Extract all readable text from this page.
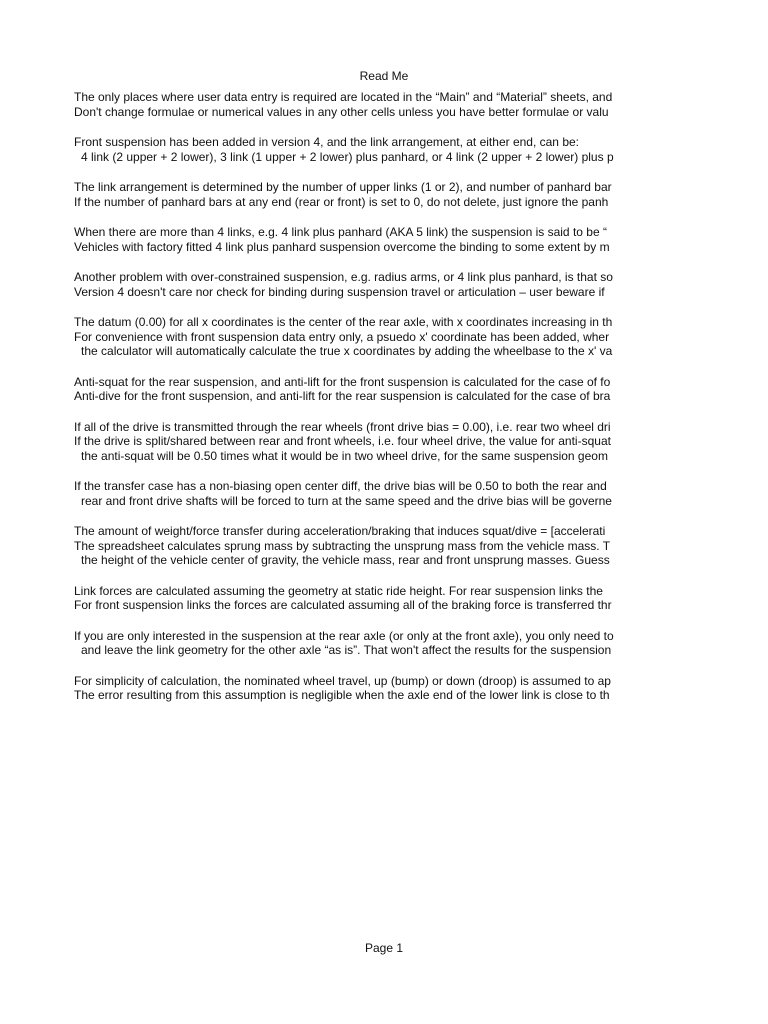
Read Me
The only places where user data entry is required are located in the “Main” and “Material” sheets, and
Don't change formulae or numerical values in any other cells unless you have better formulae or valu
Front suspension has been added in version 4, and the link arrangement, at either end, can be:
4 link (2 upper + 2 lower), 3 link (1 upper + 2 lower) plus panhard, or 4 link (2 upper + 2 lower) plus p
The link arrangement is determined by the number of upper links (1 or 2), and number of panhard bar
If the number of panhard bars at any end (rear or front) is set to 0, do not delete, just ignore the panh
When there are more than 4 links, e.g. 4 link plus panhard (AKA 5 link) the suspension is said to be “
Vehicles with factory fitted 4 link plus panhard suspension overcome the binding to some extent by m
Another problem with over-constrained suspension, e.g. radius arms, or 4 link plus panhard, is that so
Version 4 doesn't care nor check for binding during suspension travel or articulation – user beware if
The datum (0.00) for all x coordinates is the center of the rear axle, with x coordinates increasing in th
For convenience with front suspension data entry only, a psuedo x' coordinate has been added, wher
the calculator will automatically calculate the true x coordinates by adding the wheelbase to the x' va
Anti-squat for the rear suspension, and anti-lift for the front suspension is calculated for the case of fo
Anti-dive for the front suspension, and anti-lift for the rear suspension is calculated for the case of bra
If all of the drive is transmitted through the rear wheels (front drive bias = 0.00), i.e. rear two wheel dri
If the drive is split/shared between rear and front wheels, i.e. four wheel drive, the value for anti-squat
the anti-squat will be 0.50 times what it would be in two wheel drive, for the same suspension geom
If the transfer case has a non-biasing open center diff, the drive bias will be 0.50 to both the rear and
rear and front drive shafts will be forced to turn at the same speed and the drive bias will be governe
The amount of weight/force transfer during acceleration/braking that induces squat/dive = [accelerati
The spreadsheet calculates sprung mass by subtracting the unsprung mass from the vehicle mass. T
the height of the vehicle center of gravity, the vehicle mass, rear and front unsprung masses. Guess
Link forces are calculated assuming the geometry at static ride height. For rear suspension links the
For front suspension links the forces are calculated assuming all of the braking force is transferred thr
If you are only interested in the suspension at the rear axle (or only at the front axle), you only need to
and leave the link geometry for the other axle “as is”. That won't affect the results for the suspension
For simplicity of calculation, the nominated wheel travel, up (bump) or down (droop) is assumed to ap
The error resulting from this assumption is negligible when the axle end of the lower link is close to th
Page 1
